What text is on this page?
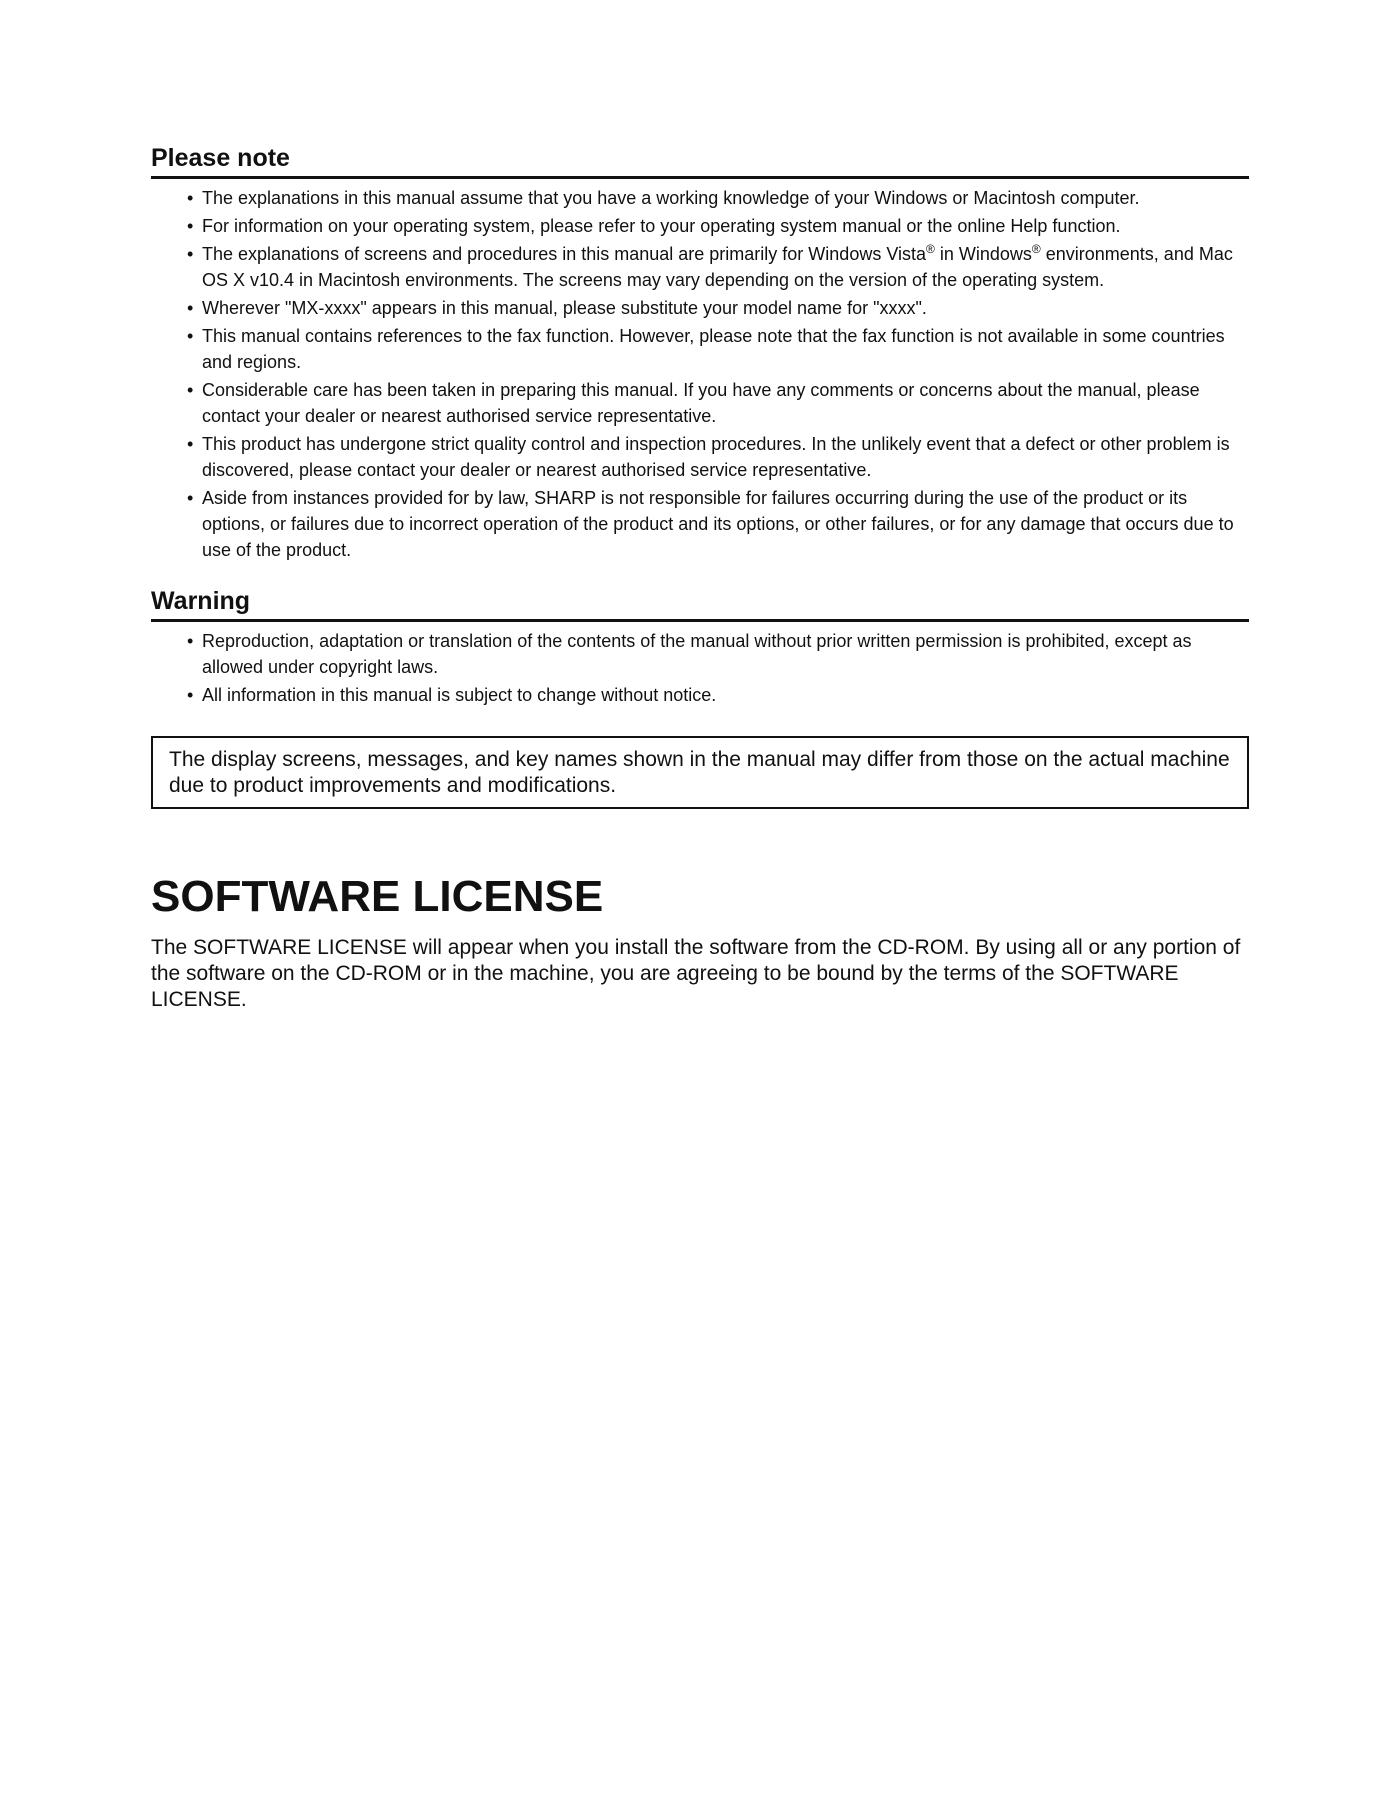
Please note
• The explanations in this manual assume that you have a working knowledge of your Windows or Macintosh computer.
• For information on your operating system, please refer to your operating system manual or the online Help function.
• The explanations of screens and procedures in this manual are primarily for Windows Vista® in Windows® environments, and Mac OS X v10.4 in Macintosh environments. The screens may vary depending on the version of the operating system.
• Wherever "MX-xxxx" appears in this manual, please substitute your model name for "xxxx".
• This manual contains references to the fax function. However, please note that the fax function is not available in some countries and regions.
• Considerable care has been taken in preparing this manual. If you have any comments or concerns about the manual, please contact your dealer or nearest authorised service representative.
• This product has undergone strict quality control and inspection procedures. In the unlikely event that a defect or other problem is discovered, please contact your dealer or nearest authorised service representative.
• Aside from instances provided for by law, SHARP is not responsible for failures occurring during the use of the product or its options, or failures due to incorrect operation of the product and its options, or other failures, or for any damage that occurs due to use of the product.
Warning
• Reproduction, adaptation or translation of the contents of the manual without prior written permission is prohibited, except as allowed under copyright laws.
• All information in this manual is subject to change without notice.
The display screens, messages, and key names shown in the manual may differ from those on the actual machine due to product improvements and modifications.
SOFTWARE LICENSE

The SOFTWARE LICENSE will appear when you install the software from the CD-ROM. By using all or any portion of the software on the CD-ROM or in the machine, you are agreeing to be bound by the terms of the SOFTWARE LICENSE.
